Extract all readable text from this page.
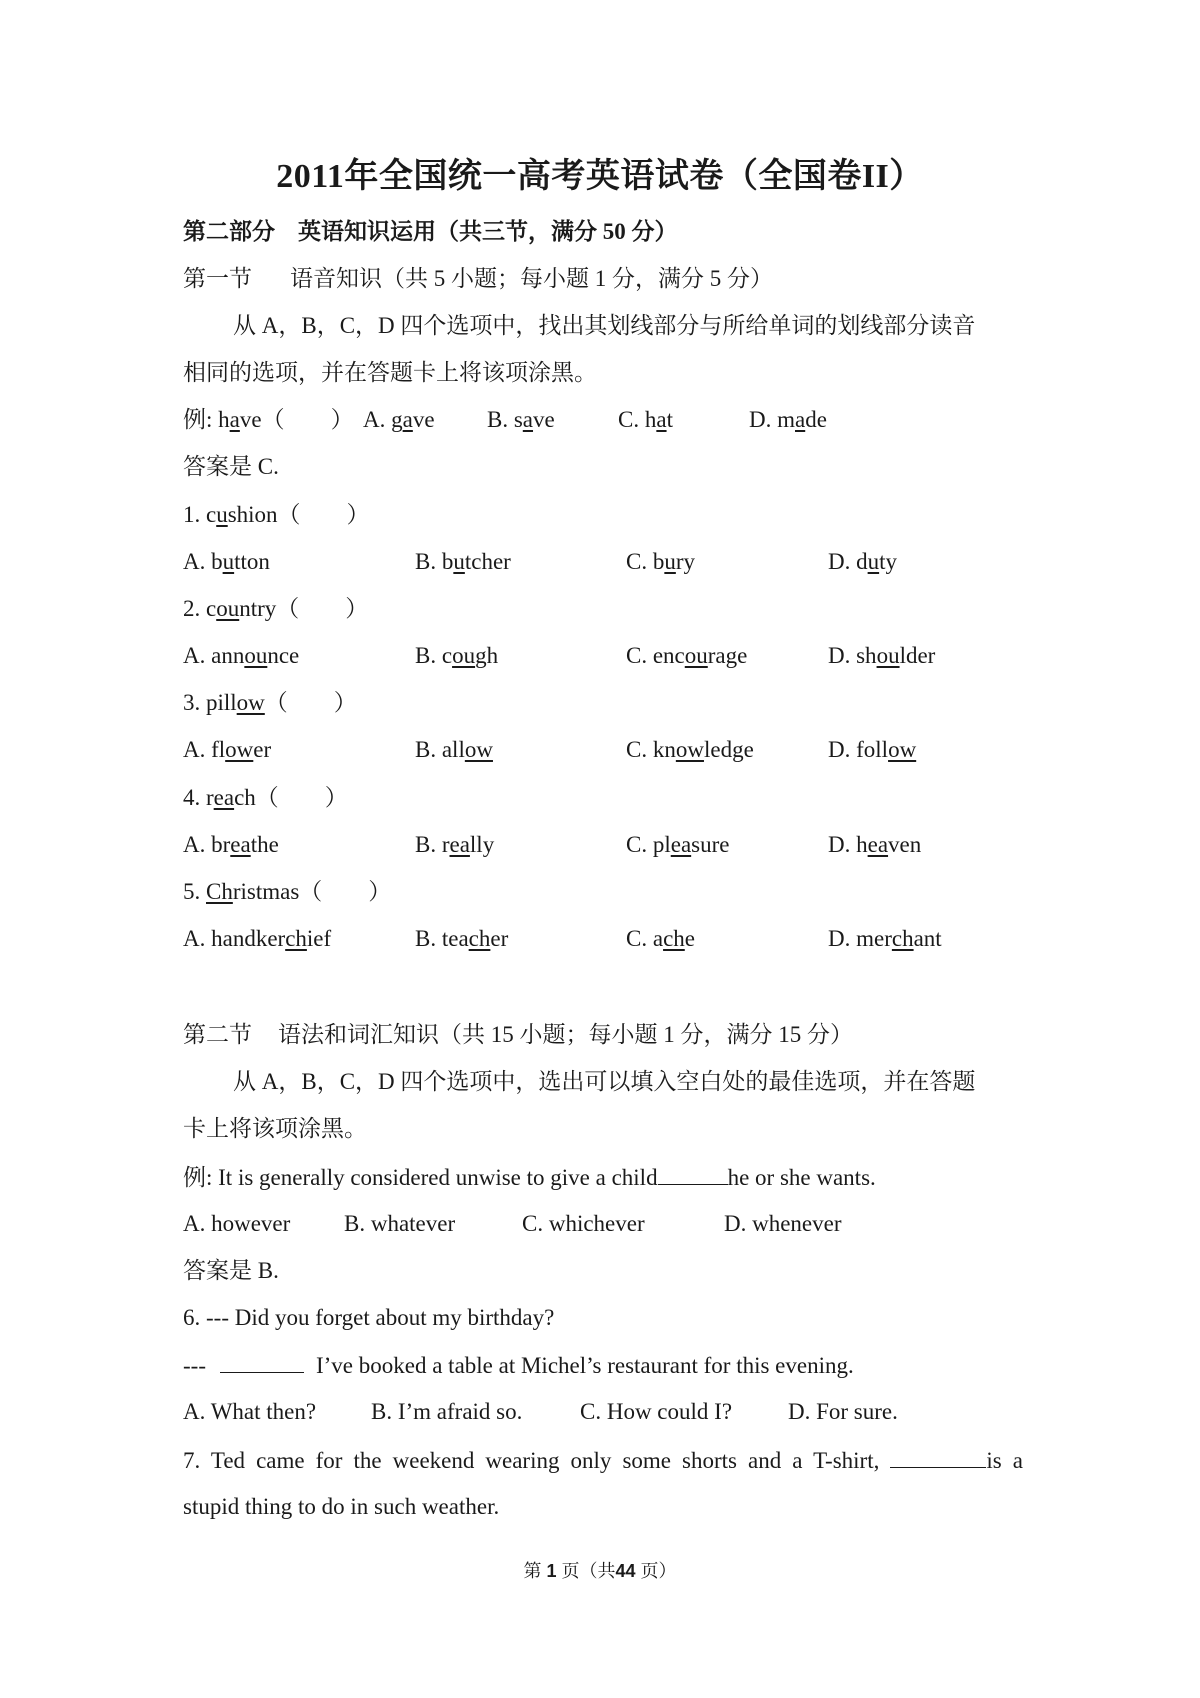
2011年全国统一高考英语试卷（全国卷II）
第二部分　英语知识运用（共三节，满分 50 分）
第一节 语音知识（共 5 小题；每小题 1 分，满分 5 分）
从 A，B，C，D 四个选项中，找出其划线部分与所给单词的划线部分读音
相同的选项，并在答题卡上将该项涂黑。
例: have（　　） A. gave B. save	C. hat	D. made
答案是 C.
1. cushion（　　）
A. button	B. butcher	C. bury	D. duty
2. country（　　）
A. announce	B. cough	C. encourage	D. shoulder
3. pillow（　　）
A. flower	B. allow	C. knowledge	D. follow
4. reach（　　）
A. breathe	B. really	C. pleasure	D. heaven
5. Christmas（　　）
A. handkerchief	B. teacher	C. ache	D. merchant
第二节 语法和词汇知识（共 15 小题；每小题 1 分，满分 15 分）
从 A，B，C，D 四个选项中，选出可以填入空白处的最佳选项，并在答题
卡上将该项涂黑。
例: It is generally considered unwise to give a child	he or she wants.
A. however B. whatever	C. whichever	D. whenever
答案是 B.
6. --- Did you forget about my birthday?
---	I’ve booked a table at Michel’s restaurant for this evening.
A. What then? B. I’m afraid so.	C. How could I? D. For sure.
7. Ted came for the weekend wearing only some shorts and a T-shirt,	is a
stupid thing to do in such weather.
第 1 页（共44 页）
